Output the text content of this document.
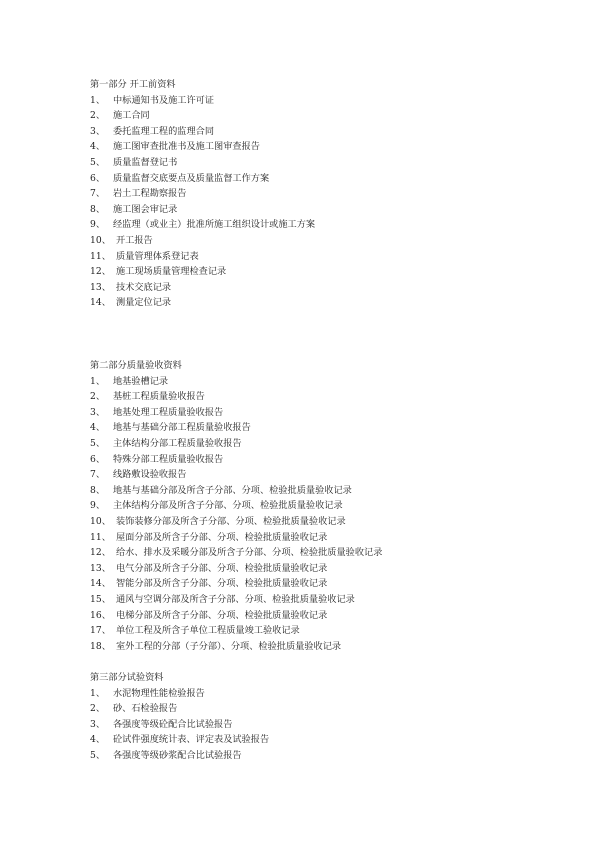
第一部分 开工前资料
1、 中标通知书及施工许可证
2、 施工合同
3、 委托监理工程的监理合同
4、 施工图审查批准书及施工图审查报告
5、 质量监督登记书
6、 质量监督交底要点及质量监督工作方案
7、 岩土工程勘察报告
8、 施工图会审记录
9、 经监理（或业主）批准所施工组织设计或施工方案
10、 开工报告
11、 质量管理体系登记表
12、 施工现场质量管理检查记录
13、 技术交底记录
14、 测量定位记录
第二部分质量验收资料
1、 地基验槽记录
2、 基桩工程质量验收报告
3、 地基处理工程质量验收报告
4、 地基与基础分部工程质量验收报告
5、 主体结构分部工程质量验收报告
6、 特殊分部工程质量验收报告
7、 线路敷设验收报告
8、 地基与基础分部及所含子分部、分项、检验批质量验收记录
9、 主体结构分部及所含子分部、分项、检验批质量验收记录
10、 装饰装修分部及所含子分部、分项、检验批质量验收记录
11、 屋面分部及所含子分部、分项、检验批质量验收记录
12、 给水、排水及采暖分部及所含子分部、分项、检验批质量验收记录
13、 电气分部及所含子分部、分项、检验批质量验收记录
14、 智能分部及所含子分部、分项、检验批质量验收记录
15、 通风与空调分部及所含子分部、分项、检验批质量验收记录
16、 电梯分部及所含子分部、分项、检验批质量验收记录
17、 单位工程及所含子单位工程质量竣工验收记录
18、 室外工程的分部（子分部）、分项、检验批质量验收记录
第三部分试验资料
1、 水泥物理性能检验报告
2、 砂、石检验报告
3、 各强度等级砼配合比试验报告
4、 砼试件强度统计表、评定表及试验报告
5、 各强度等级砂浆配合比试验报告
